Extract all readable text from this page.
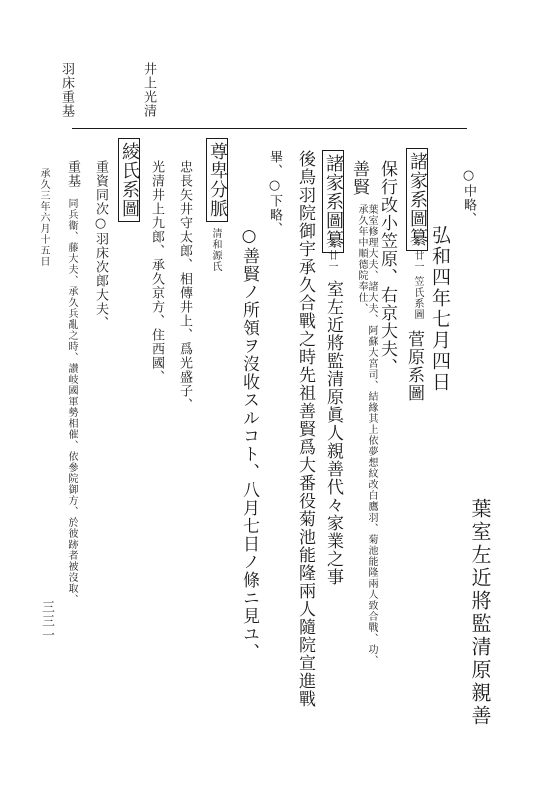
井上光清
羽床重基
葉室左近將監清原親善
弘和四年七月四日
○中略、
諸家系圖纂
廿一 笠氏系圖
菅原系圖
保行改小笠原、右京大夫、
善賢
承久年中順德院奉仕、 葉室修理大夫、諸大夫、阿蘇大宮司、結緣其上依夢想紋改白鷹羽、菊池能隆兩人致合戰、功、
諸家系圖纂
廿一
室左近將監清原眞人親善代々家業之事
後鳥羽院御宇承久合戰之時先祖善賢爲大番役菊池能隆兩人隨院宣進戰
畢、○下略、
○善賢ノ所領ヲ沒收スルコト、八月七日ノ條ニ見ユ、
尊卑分脈
清和源氏
忠長矢井守太郎、相傳井上、爲光盛子、
光清井上九郎、承久京方、住西國、
綾氏系圖
重資同次○羽床次郎大夫、
重基
同兵衞、藤大夫、承久兵亂之時、讃岐國軍勢相催、依參院御方、於彼跡者被沒取、
承久三年六月十五日
三三一
